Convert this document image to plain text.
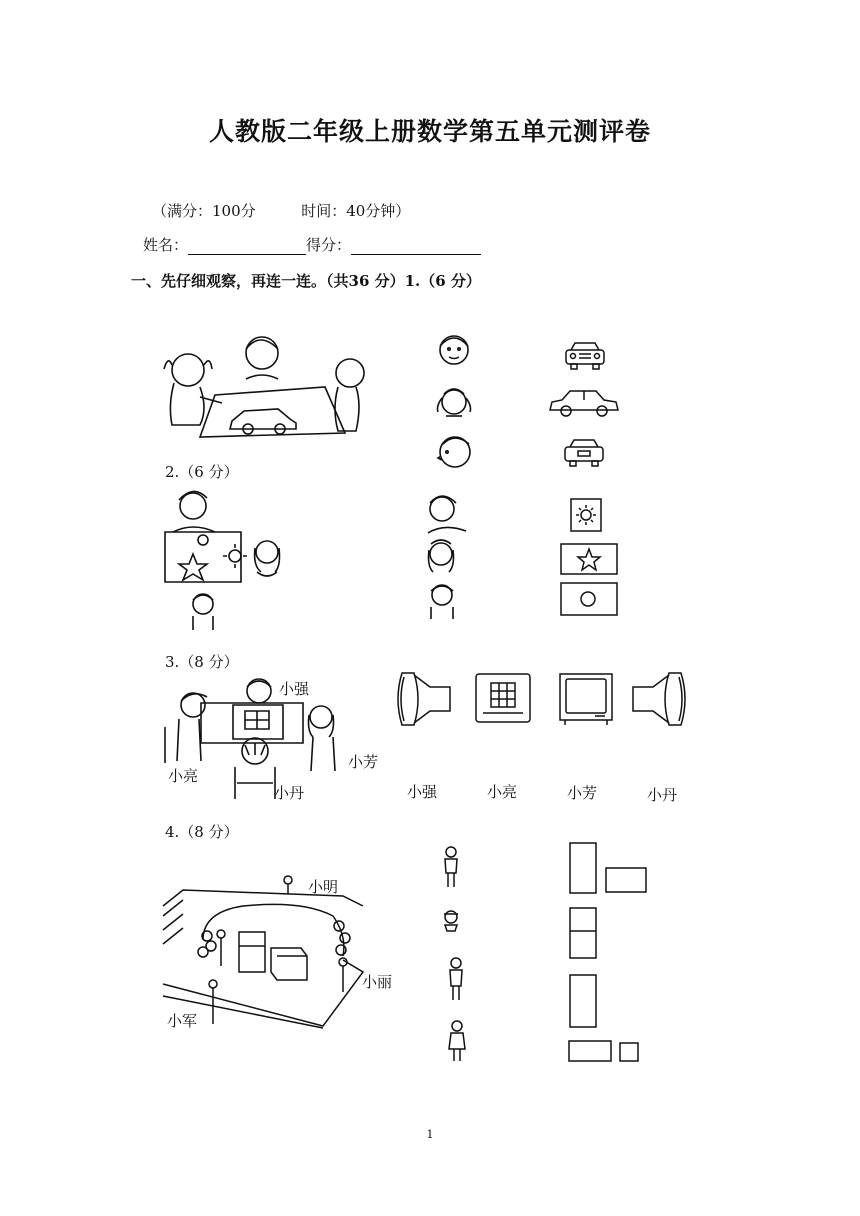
人教版二年级上册数学第五单元测评卷
（满分：100分	时间：40分钟）
姓名：	得分：
一、先仔细观察，再连一连。（共36 分）1.（6 分）
2.（6 分）
3.（8 分）
小强
小亮
小芳
小丹	小强	小亮	小芳	小丹
4.（8 分）
小明
小丽
小军
1
